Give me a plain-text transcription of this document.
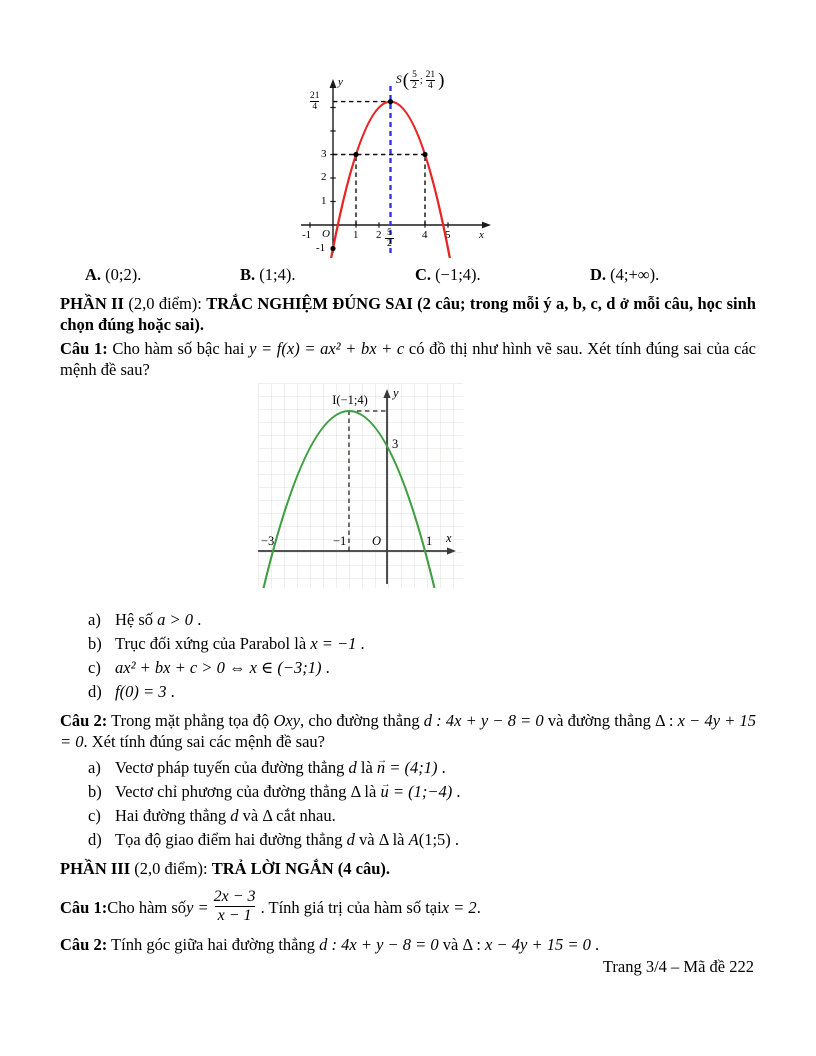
y
x
O
-1	1 2	4 5
$\frac{5}{2}$
$\frac{21}{4}$
3
2
1
-1
S ( $\frac{5}{2}$ ; $\frac{21}{4}$ )
A. (0;2).	B. (1;4).	C. (−1;4).	D. (4;+∞).

PHẦN II (2,0 điểm): TRẮC NGHIỆM ĐÚNG SAI (2 câu; trong mỗi ý a, b, c, d ở mỗi câu, học sinh chọn đúng hoặc sai).

Câu 1: Cho hàm số bậc hai y = f(x) = ax² + bx + c có đồ thị như hình vẽ sau. Xét tính đúng sai của các mệnh đề sau?

I(−1;4)	y
x
O
−3	−1	1
3
a) Hệ số a > 0 .
b) Trục đối xứng của Parabol là x = −1 .
c) ax² + bx + c > 0 ⇔ x ∈ (−3;1) .
d) f(0) = 3 .

Câu 2: Trong mặt phẳng tọa độ Oxy, cho đường thẳng d : 4x + y − 8 = 0 và đường thẳng Δ : x − 4y + 15 = 0. Xét tính đúng sai các mệnh đề sau?

a) Vectơ pháp tuyến của đường thẳng d là n → = (4;1) .
b) Vectơ chỉ phương của đường thẳng Δ là u → = (1;−4) .
c) Hai đường thẳng d và Δ cắt nhau.
d) Tọa độ giao điểm hai đường thẳng d và Δ là A(1;5) .

PHẦN III (2,0 điểm): TRẢ LỜI NGẮN (4 câu).

Câu 1: Cho hàm số $y = \frac{2x - 3}{x - 1}$ . Tính giá trị của hàm số tại x = 2 .

Câu 2: Tính góc giữa hai đường thẳng d : 4x + y − 8 = 0 và Δ : x − 4y + 15 = 0 .

Trang 3/4 – Mã đề 222
